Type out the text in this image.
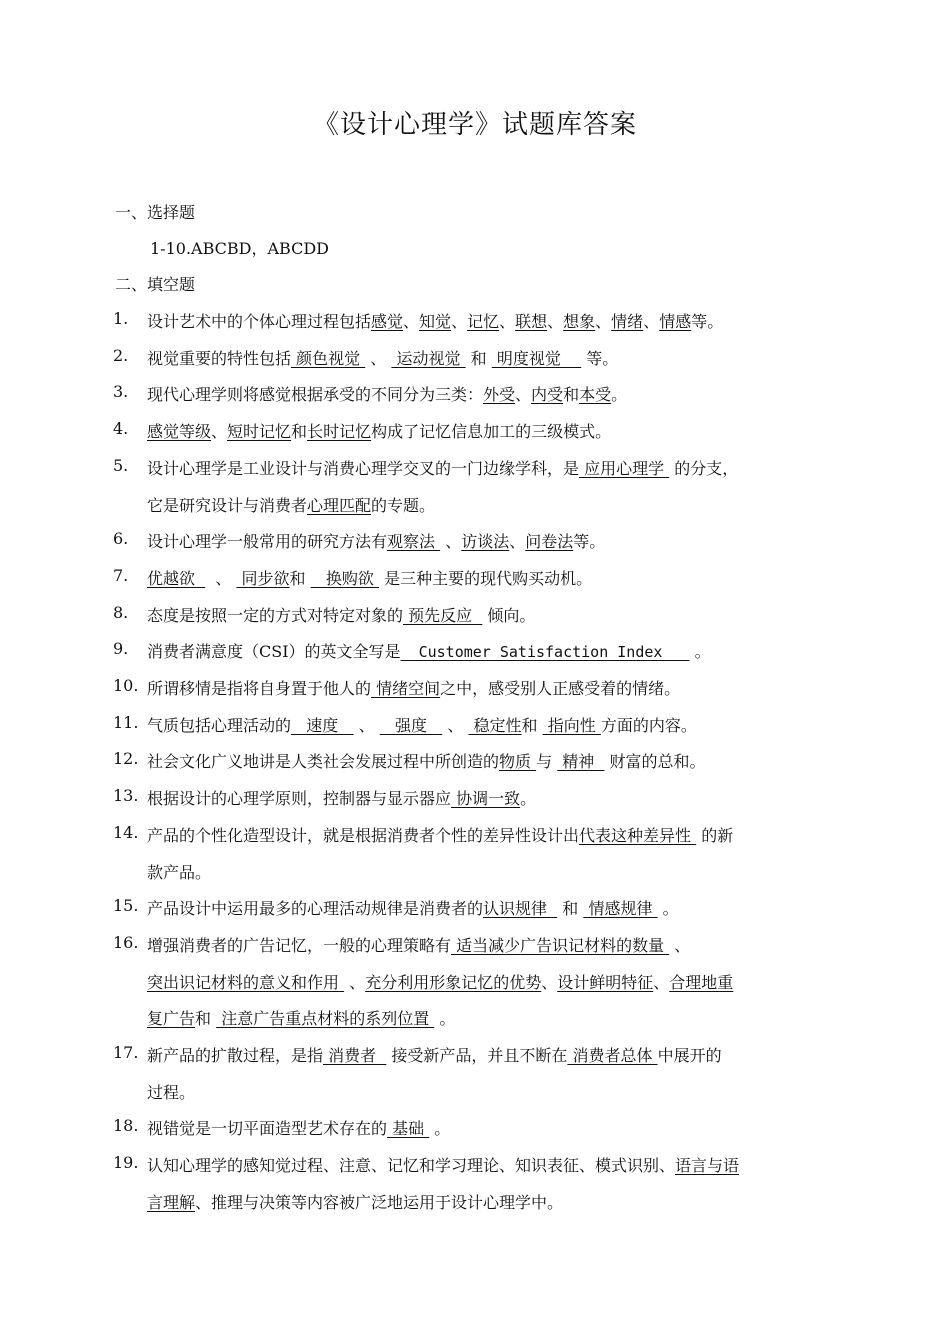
《设计心理学》试题库答案
一、选择题
1-10.ABCBD，ABCDD
二、填空题
1. 设计艺术中的个体心理过程包括感觉、知觉、记忆、联想、想象、情绪、情感等。
2. 视觉重要的特性包括 颜色视觉  、  运动视觉  和  明度视觉     等。
3. 现代心理学则将感觉根据承受的不同分为三类：外受、内受和本受。
4. 感觉等级、短时记忆和长时记忆构成了记忆信息加工的三级模式。
5. 设计心理学是工业设计与消费心理学交叉的一门边缘学科，是 应用心理学  的分支，
它是研究设计与消费者心理匹配的专题。
6. 设计心理学一般常用的研究方法有观察法  、访谈法、问卷法等。
7. 优越欲    、  同步欲和    换购欲  是三种主要的现代购买动机。
8. 态度是按照一定的方式对特定对象的 预先反应   倾向。
9. 消费者满意度（CSI）的英文全写是  Customer Satisfaction Index    。
10. 所谓移情是指将自身置于他人的 情绪空间之中，感受别人正感受着的情绪。
11. 气质包括心理活动的   速度    、    强度    、  稳定性和  指向性 方面的内容。
12. 社会文化广义地讲是人类社会发展过程中所创造的物质 与  精神   财富的总和。
13. 根据设计的心理学原则，控制器与显示器应 协调一致。
14. 产品的个性化造型设计，就是根据消费者个性的差异性设计出代表这种差异性  的新
款产品。
15. 产品设计中运用最多的心理活动规律是消费者的认识规律   和  情感规律  。
16. 增强消费者的广告记忆，一般的心理策略有 适当减少广告识记材料的数量  、
突出识记材料的意义和作用  、充分利用形象记忆的优势、设计鲜明特征、合理地重
复广告和  注意广告重点材料的系列位置  。
17. 新产品的扩散过程，是指 消费者   接受新产品，并且不断在 消费者总体 中展开的
过程。
18. 视错觉是一切平面造型艺术存在的 基础  。
19. 认知心理学的感知觉过程、注意、记忆和学习理论、知识表征、模式识别、语言与语
言理解、推理与决策等内容被广泛地运用于设计心理学中。
